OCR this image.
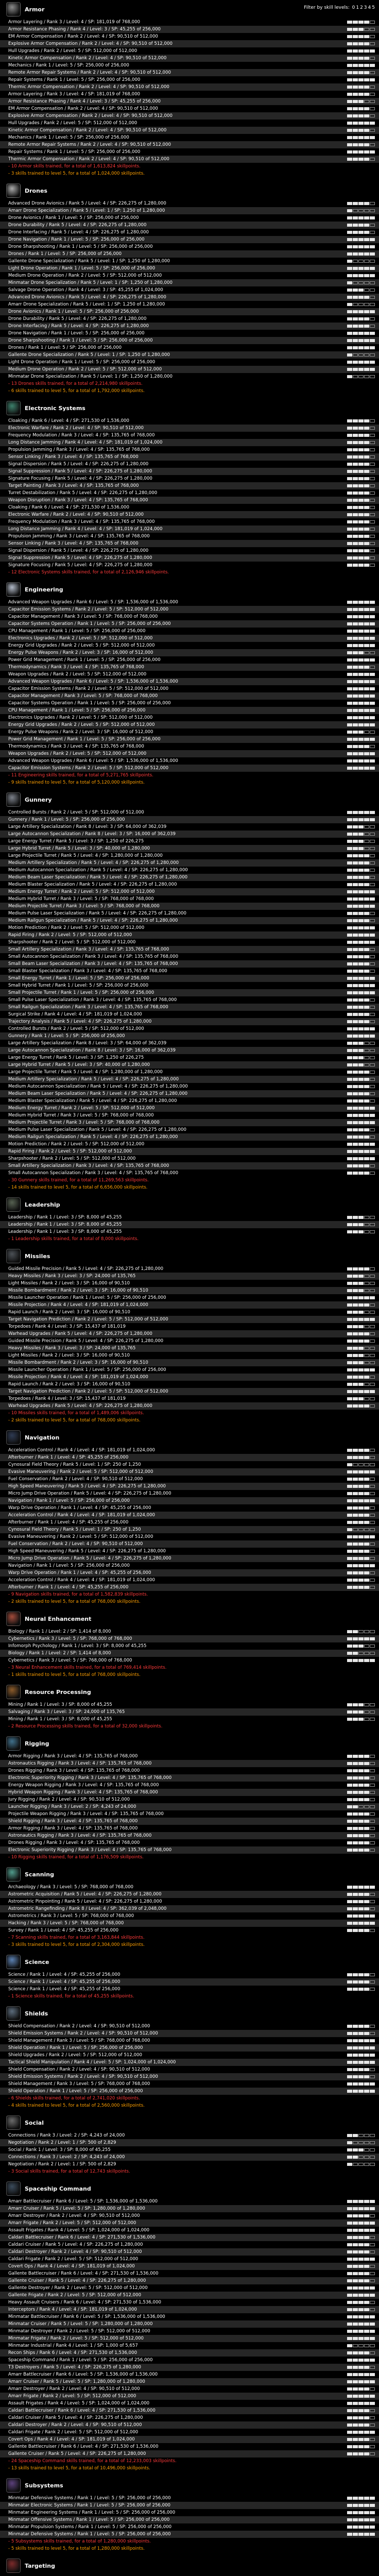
Armor	Filter by skill levels: 0 1 2 3 4 5
Armor Layering / Rank 3 / Level: 4 / SP: 181,019 of 768,000
Armor Resistance Phasing / Rank 4 / Level: 3 / SP: 45,255 of 256,000
EM Armor Compensation / Rank 2 / Level: 4 / SP: 90,510 of 512,000
Explosive Armor Compensation / Rank 2 / Level: 4 / SP: 90,510 of 512,000
Hull Upgrades / Rank 2 / Level: 5 / SP: 512,000 of 512,000
Kinetic Armor Compensation / Rank 2 / Level: 4 / SP: 90,510 of 512,000
Mechanics / Rank 1 / Level: 5 / SP: 256,000 of 256,000
Remote Armor Repair Systems / Rank 2 / Level: 4 / SP: 90,510 of 512,000
Repair Systems / Rank 1 / Level: 5 / SP: 256,000 of 256,000
Thermic Armor Compensation / Rank 2 / Level: 4 / SP: 90,510 of 512,000
Armor Layering / Rank 3 / Level: 4 / SP: 181,019 of 768,000
Armor Resistance Phasing / Rank 4 / Level: 3 / SP: 45,255 of 256,000
EM Armor Compensation / Rank 2 / Level: 4 / SP: 90,510 of 512,000
Explosive Armor Compensation / Rank 2 / Level: 4 / SP: 90,510 of 512,000
Hull Upgrades / Rank 2 / Level: 5 / SP: 512,000 of 512,000
Kinetic Armor Compensation / Rank 2 / Level: 4 / SP: 90,510 of 512,000
Mechanics / Rank 1 / Level: 5 / SP: 256,000 of 256,000
Remote Armor Repair Systems / Rank 2 / Level: 4 / SP: 90,510 of 512,000
Repair Systems / Rank 1 / Level: 5 / SP: 256,000 of 256,000
Thermic Armor Compensation / Rank 2 / Level: 4 / SP: 90,510 of 512,000
- 10 Armor skills trained, for a total of 1,613,824 skillpoints.
- 3 skills trained to level 5, for a total of 1,024,000 skillpoints.
Drones
Advanced Drone Avionics / Rank 5 / Level: 4 / SP: 226,275 of 1,280,000
Amarr Drone Specialization / Rank 5 / Level: 1 / SP: 1,250 of 1,280,000
Drone Avionics / Rank 1 / Level: 5 / SP: 256,000 of 256,000
Drone Durability / Rank 5 / Level: 4 / SP: 226,275 of 1,280,000
Drone Interfacing / Rank 5 / Level: 4 / SP: 226,275 of 1,280,000
Drone Navigation / Rank 1 / Level: 5 / SP: 256,000 of 256,000
Drone Sharpshooting / Rank 1 / Level: 5 / SP: 256,000 of 256,000
Drones / Rank 1 / Level: 5 / SP: 256,000 of 256,000
Gallente Drone Specialization / Rank 5 / Level: 1 / SP: 1,250 of 1,280,000
Light Drone Operation / Rank 1 / Level: 5 / SP: 256,000 of 256,000
Medium Drone Operation / Rank 2 / Level: 5 / SP: 512,000 of 512,000
Minmatar Drone Specialization / Rank 5 / Level: 1 / SP: 1,250 of 1,280,000
Salvage Drone Operation / Rank 4 / Level: 3 / SP: 45,255 of 1,024,000
Advanced Drone Avionics / Rank 5 / Level: 4 / SP: 226,275 of 1,280,000
Amarr Drone Specialization / Rank 5 / Level: 1 / SP: 1,250 of 1,280,000
Drone Avionics / Rank 1 / Level: 5 / SP: 256,000 of 256,000
Drone Durability / Rank 5 / Level: 4 / SP: 226,275 of 1,280,000
Drone Interfacing / Rank 5 / Level: 4 / SP: 226,275 of 1,280,000
Drone Navigation / Rank 1 / Level: 5 / SP: 256,000 of 256,000
Drone Sharpshooting / Rank 1 / Level: 5 / SP: 256,000 of 256,000
Drones / Rank 1 / Level: 5 / SP: 256,000 of 256,000
Gallente Drone Specialization / Rank 5 / Level: 1 / SP: 1,250 of 1,280,000
Light Drone Operation / Rank 1 / Level: 5 / SP: 256,000 of 256,000
Medium Drone Operation / Rank 2 / Level: 5 / SP: 512,000 of 512,000
Minmatar Drone Specialization / Rank 5 / Level: 1 / SP: 1,250 of 1,280,000
- 13 Drones skills trained, for a total of 2,214,980 skillpoints.
- 6 skills trained to level 5, for a total of 1,792,000 skillpoints.
Electronic Systems
Cloaking / Rank 6 / Level: 4 / SP: 271,530 of 1,536,000
Electronic Warfare / Rank 2 / Level: 4 / SP: 90,510 of 512,000
Frequency Modulation / Rank 3 / Level: 4 / SP: 135,765 of 768,000
Long Distance Jamming / Rank 4 / Level: 4 / SP: 181,019 of 1,024,000
Propulsion Jamming / Rank 3 / Level: 4 / SP: 135,765 of 768,000
Sensor Linking / Rank 3 / Level: 4 / SP: 135,765 of 768,000
Signal Dispersion / Rank 5 / Level: 4 / SP: 226,275 of 1,280,000
Signal Suppression / Rank 5 / Level: 4 / SP: 226,275 of 1,280,000
Signature Focusing / Rank 5 / Level: 4 / SP: 226,275 of 1,280,000
Target Painting / Rank 3 / Level: 4 / SP: 135,765 of 768,000
Turret Destabilization / Rank 5 / Level: 4 / SP: 226,275 of 1,280,000
Weapon Disruption / Rank 3 / Level: 4 / SP: 135,765 of 768,000
Cloaking / Rank 6 / Level: 4 / SP: 271,530 of 1,536,000
Electronic Warfare / Rank 2 / Level: 4 / SP: 90,510 of 512,000
Frequency Modulation / Rank 3 / Level: 4 / SP: 135,765 of 768,000
Long Distance Jamming / Rank 4 / Level: 4 / SP: 181,019 of 1,024,000
Propulsion Jamming / Rank 3 / Level: 4 / SP: 135,765 of 768,000
Sensor Linking / Rank 3 / Level: 4 / SP: 135,765 of 768,000
Signal Dispersion / Rank 5 / Level: 4 / SP: 226,275 of 1,280,000
Signal Suppression / Rank 5 / Level: 4 / SP: 226,275 of 1,280,000
Signature Focusing / Rank 5 / Level: 4 / SP: 226,275 of 1,280,000
- 12 Electronic Systems skills trained, for a total of 2,126,946 skillpoints.
Engineering
Advanced Weapon Upgrades / Rank 6 / Level: 5 / SP: 1,536,000 of 1,536,000
Capacitor Emission Systems / Rank 2 / Level: 5 / SP: 512,000 of 512,000
Capacitor Management / Rank 3 / Level: 5 / SP: 768,000 of 768,000
Capacitor Systems Operation / Rank 1 / Level: 5 / SP: 256,000 of 256,000
CPU Management / Rank 1 / Level: 5 / SP: 256,000 of 256,000
Electronics Upgrades / Rank 2 / Level: 5 / SP: 512,000 of 512,000
Energy Grid Upgrades / Rank 2 / Level: 5 / SP: 512,000 of 512,000
Energy Pulse Weapons / Rank 2 / Level: 3 / SP: 16,000 of 512,000
Power Grid Management / Rank 1 / Level: 5 / SP: 256,000 of 256,000
Thermodynamics / Rank 3 / Level: 4 / SP: 135,765 of 768,000
Weapon Upgrades / Rank 2 / Level: 5 / SP: 512,000 of 512,000
Advanced Weapon Upgrades / Rank 6 / Level: 5 / SP: 1,536,000 of 1,536,000
Capacitor Emission Systems / Rank 2 / Level: 5 / SP: 512,000 of 512,000
Capacitor Management / Rank 3 / Level: 5 / SP: 768,000 of 768,000
Capacitor Systems Operation / Rank 1 / Level: 5 / SP: 256,000 of 256,000
CPU Management / Rank 1 / Level: 5 / SP: 256,000 of 256,000
Electronics Upgrades / Rank 2 / Level: 5 / SP: 512,000 of 512,000
Energy Grid Upgrades / Rank 2 / Level: 5 / SP: 512,000 of 512,000
Energy Pulse Weapons / Rank 2 / Level: 3 / SP: 16,000 of 512,000
Power Grid Management / Rank 1 / Level: 5 / SP: 256,000 of 256,000
Thermodynamics / Rank 3 / Level: 4 / SP: 135,765 of 768,000
Weapon Upgrades / Rank 2 / Level: 5 / SP: 512,000 of 512,000
Advanced Weapon Upgrades / Rank 6 / Level: 5 / SP: 1,536,000 of 1,536,000
Capacitor Emission Systems / Rank 2 / Level: 5 / SP: 512,000 of 512,000
- 11 Engineering skills trained, for a total of 5,271,765 skillpoints.
- 9 skills trained to level 5, for a total of 5,120,000 skillpoints.
Gunnery
Controlled Bursts / Rank 2 / Level: 5 / SP: 512,000 of 512,000
Gunnery / Rank 1 / Level: 5 / SP: 256,000 of 256,000
Large Artillery Specialization / Rank 8 / Level: 3 / SP: 64,000 of 362,039
Large Autocannon Specialization / Rank 8 / Level: 3 / SP: 16,000 of 362,039
Large Energy Turret / Rank 5 / Level: 3 / SP: 1,250 of 226,275
Large Hybrid Turret / Rank 5 / Level: 3 / SP: 40,000 of 1,280,000
Large Projectile Turret / Rank 5 / Level: 4 / SP: 1,280,000 of 1,280,000
Medium Artillery Specialization / Rank 5 / Level: 4 / SP: 226,275 of 1,280,000
Medium Autocannon Specialization / Rank 5 / Level: 4 / SP: 226,275 of 1,280,000
Medium Beam Laser Specialization / Rank 5 / Level: 4 / SP: 226,275 of 1,280,000
Medium Blaster Specialization / Rank 5 / Level: 4 / SP: 226,275 of 1,280,000
Medium Energy Turret / Rank 2 / Level: 5 / SP: 512,000 of 512,000
Medium Hybrid Turret / Rank 3 / Level: 5 / SP: 768,000 of 768,000
Medium Projectile Turret / Rank 3 / Level: 5 / SP: 768,000 of 768,000
Medium Pulse Laser Specialization / Rank 5 / Level: 4 / SP: 226,275 of 1,280,000
Medium Railgun Specialization / Rank 5 / Level: 4 / SP: 226,275 of 1,280,000
Motion Prediction / Rank 2 / Level: 5 / SP: 512,000 of 512,000
Rapid Firing / Rank 2 / Level: 5 / SP: 512,000 of 512,000
Sharpshooter / Rank 2 / Level: 5 / SP: 512,000 of 512,000
Small Artillery Specialization / Rank 3 / Level: 4 / SP: 135,765 of 768,000
Small Autocannon Specialization / Rank 3 / Level: 4 / SP: 135,765 of 768,000
Small Beam Laser Specialization / Rank 3 / Level: 4 / SP: 135,765 of 768,000
Small Blaster Specialization / Rank 3 / Level: 4 / SP: 135,765 of 768,000
Small Energy Turret / Rank 1 / Level: 5 / SP: 256,000 of 256,000
Small Hybrid Turret / Rank 1 / Level: 5 / SP: 256,000 of 256,000
Small Projectile Turret / Rank 1 / Level: 5 / SP: 256,000 of 256,000
Small Pulse Laser Specialization / Rank 3 / Level: 4 / SP: 135,765 of 768,000
Small Railgun Specialization / Rank 3 / Level: 4 / SP: 135,765 of 768,000
Surgical Strike / Rank 4 / Level: 4 / SP: 181,019 of 1,024,000
Trajectory Analysis / Rank 5 / Level: 4 / SP: 226,275 of 1,280,000
Controlled Bursts / Rank 2 / Level: 5 / SP: 512,000 of 512,000
Gunnery / Rank 1 / Level: 5 / SP: 256,000 of 256,000
Large Artillery Specialization / Rank 8 / Level: 3 / SP: 64,000 of 362,039
Large Autocannon Specialization / Rank 8 / Level: 3 / SP: 16,000 of 362,039
Large Energy Turret / Rank 5 / Level: 3 / SP: 1,250 of 226,275
Large Hybrid Turret / Rank 5 / Level: 3 / SP: 40,000 of 1,280,000
Large Projectile Turret / Rank 5 / Level: 4 / SP: 1,280,000 of 1,280,000
Medium Artillery Specialization / Rank 5 / Level: 4 / SP: 226,275 of 1,280,000
Medium Autocannon Specialization / Rank 5 / Level: 4 / SP: 226,275 of 1,280,000
Medium Beam Laser Specialization / Rank 5 / Level: 4 / SP: 226,275 of 1,280,000
Medium Blaster Specialization / Rank 5 / Level: 4 / SP: 226,275 of 1,280,000
Medium Energy Turret / Rank 2 / Level: 5 / SP: 512,000 of 512,000
Medium Hybrid Turret / Rank 3 / Level: 5 / SP: 768,000 of 768,000
Medium Projectile Turret / Rank 3 / Level: 5 / SP: 768,000 of 768,000
Medium Pulse Laser Specialization / Rank 5 / Level: 4 / SP: 226,275 of 1,280,000
Medium Railgun Specialization / Rank 5 / Level: 4 / SP: 226,275 of 1,280,000
Motion Prediction / Rank 2 / Level: 5 / SP: 512,000 of 512,000
Rapid Firing / Rank 2 / Level: 5 / SP: 512,000 of 512,000
Sharpshooter / Rank 2 / Level: 5 / SP: 512,000 of 512,000
Small Artillery Specialization / Rank 3 / Level: 4 / SP: 135,765 of 768,000
Small Autocannon Specialization / Rank 3 / Level: 4 / SP: 135,765 of 768,000
- 30 Gunnery skills trained, for a total of 11,269,563 skillpoints.
- 14 skills trained to level 5, for a total of 6,656,000 skillpoints.
Leadership
Leadership / Rank 1 / Level: 3 / SP: 8,000 of 45,255
Leadership / Rank 1 / Level: 3 / SP: 8,000 of 45,255
Leadership / Rank 1 / Level: 3 / SP: 8,000 of 45,255
- 1 Leadership skills trained, for a total of 8,000 skillpoints.
Missiles
Guided Missile Precision / Rank 5 / Level: 4 / SP: 226,275 of 1,280,000
Heavy Missiles / Rank 3 / Level: 3 / SP: 24,000 of 135,765
Light Missiles / Rank 2 / Level: 3 / SP: 16,000 of 90,510
Missile Bombardment / Rank 2 / Level: 3 / SP: 16,000 of 90,510
Missile Launcher Operation / Rank 1 / Level: 5 / SP: 256,000 of 256,000
Missile Projection / Rank 4 / Level: 4 / SP: 181,019 of 1,024,000
Rapid Launch / Rank 2 / Level: 3 / SP: 16,000 of 90,510
Target Navigation Prediction / Rank 2 / Level: 5 / SP: 512,000 of 512,000
Torpedoes / Rank 4 / Level: 3 / SP: 15,437 of 181,019
Warhead Upgrades / Rank 5 / Level: 4 / SP: 226,275 of 1,280,000
Guided Missile Precision / Rank 5 / Level: 4 / SP: 226,275 of 1,280,000
Heavy Missiles / Rank 3 / Level: 3 / SP: 24,000 of 135,765
Light Missiles / Rank 2 / Level: 3 / SP: 16,000 of 90,510
Missile Bombardment / Rank 2 / Level: 3 / SP: 16,000 of 90,510
Missile Launcher Operation / Rank 1 / Level: 5 / SP: 256,000 of 256,000
Missile Projection / Rank 4 / Level: 4 / SP: 181,019 of 1,024,000
Rapid Launch / Rank 2 / Level: 3 / SP: 16,000 of 90,510
Target Navigation Prediction / Rank 2 / Level: 5 / SP: 512,000 of 512,000
Torpedoes / Rank 4 / Level: 3 / SP: 15,437 of 181,019
Warhead Upgrades / Rank 5 / Level: 4 / SP: 226,275 of 1,280,000
- 10 Missiles skills trained, for a total of 1,489,006 skillpoints.
- 2 skills trained to level 5, for a total of 768,000 skillpoints.
Navigation
Acceleration Control / Rank 4 / Level: 4 / SP: 181,019 of 1,024,000
Afterburner / Rank 1 / Level: 4 / SP: 45,255 of 256,000
Cynosural Field Theory / Rank 5 / Level: 1 / SP: 250 of 1,250
Evasive Maneuvering / Rank 2 / Level: 5 / SP: 512,000 of 512,000
Fuel Conservation / Rank 2 / Level: 4 / SP: 90,510 of 512,000
High Speed Maneuvering / Rank 5 / Level: 4 / SP: 226,275 of 1,280,000
Micro Jump Drive Operation / Rank 5 / Level: 4 / SP: 226,275 of 1,280,000
Navigation / Rank 1 / Level: 5 / SP: 256,000 of 256,000
Warp Drive Operation / Rank 1 / Level: 4 / SP: 45,255 of 256,000
Acceleration Control / Rank 4 / Level: 4 / SP: 181,019 of 1,024,000
Afterburner / Rank 1 / Level: 4 / SP: 45,255 of 256,000
Cynosural Field Theory / Rank 5 / Level: 1 / SP: 250 of 1,250
Evasive Maneuvering / Rank 2 / Level: 5 / SP: 512,000 of 512,000
Fuel Conservation / Rank 2 / Level: 4 / SP: 90,510 of 512,000
High Speed Maneuvering / Rank 5 / Level: 4 / SP: 226,275 of 1,280,000
Micro Jump Drive Operation / Rank 5 / Level: 4 / SP: 226,275 of 1,280,000
Navigation / Rank 1 / Level: 5 / SP: 256,000 of 256,000
Warp Drive Operation / Rank 1 / Level: 4 / SP: 45,255 of 256,000
Acceleration Control / Rank 4 / Level: 4 / SP: 181,019 of 1,024,000
Afterburner / Rank 1 / Level: 4 / SP: 45,255 of 256,000
- 9 Navigation skills trained, for a total of 1,582,839 skillpoints.
- 2 skills trained to level 5, for a total of 768,000 skillpoints.
Neural Enhancement
Biology / Rank 1 / Level: 2 / SP: 1,414 of 8,000
Cybernetics / Rank 3 / Level: 5 / SP: 768,000 of 768,000
Infomorph Psychology / Rank 1 / Level: 3 / SP: 8,000 of 45,255
Biology / Rank 1 / Level: 2 / SP: 1,414 of 8,000
Cybernetics / Rank 3 / Level: 5 / SP: 768,000 of 768,000
- 3 Neural Enhancement skills trained, for a total of 769,414 skillpoints.
- 1 skills trained to level 5, for a total of 768,000 skillpoints.
Resource Processing
Mining / Rank 1 / Level: 3 / SP: 8,000 of 45,255
Salvaging / Rank 3 / Level: 3 / SP: 24,000 of 135,765
Mining / Rank 1 / Level: 3 / SP: 8,000 of 45,255
- 2 Resource Processing skills trained, for a total of 32,000 skillpoints.
Rigging
Armor Rigging / Rank 3 / Level: 4 / SP: 135,765 of 768,000
Astronautics Rigging / Rank 3 / Level: 4 / SP: 135,765 of 768,000
Drones Rigging / Rank 3 / Level: 4 / SP: 135,765 of 768,000
Electronic Superiority Rigging / Rank 3 / Level: 4 / SP: 135,765 of 768,000
Energy Weapon Rigging / Rank 3 / Level: 4 / SP: 135,765 of 768,000
Hybrid Weapon Rigging / Rank 3 / Level: 4 / SP: 135,765 of 768,000
Jury Rigging / Rank 2 / Level: 4 / SP: 90,510 of 512,000
Launcher Rigging / Rank 3 / Level: 2 / SP: 4,243 of 24,000
Projectile Weapon Rigging / Rank 3 / Level: 4 / SP: 135,765 of 768,000
Shield Rigging / Rank 3 / Level: 4 / SP: 135,765 of 768,000
Armor Rigging / Rank 3 / Level: 4 / SP: 135,765 of 768,000
Astronautics Rigging / Rank 3 / Level: 4 / SP: 135,765 of 768,000
Drones Rigging / Rank 3 / Level: 4 / SP: 135,765 of 768,000
Electronic Superiority Rigging / Rank 3 / Level: 4 / SP: 135,765 of 768,000
- 10 Rigging skills trained, for a total of 1,176,509 skillpoints.
Scanning
Archaeology / Rank 3 / Level: 5 / SP: 768,000 of 768,000
Astrometric Acquisition / Rank 5 / Level: 4 / SP: 226,275 of 1,280,000
Astrometric Pinpointing / Rank 5 / Level: 4 / SP: 226,275 of 1,280,000
Astrometric Rangefinding / Rank 8 / Level: 4 / SP: 362,039 of 2,048,000
Astrometrics / Rank 3 / Level: 5 / SP: 768,000 of 768,000
Hacking / Rank 3 / Level: 5 / SP: 768,000 of 768,000
Survey / Rank 1 / Level: 4 / SP: 45,255 of 256,000
- 7 Scanning skills trained, for a total of 3,163,844 skillpoints.
- 3 skills trained to level 5, for a total of 2,304,000 skillpoints.
Science
Science / Rank 1 / Level: 4 / SP: 45,255 of 256,000
Science / Rank 1 / Level: 4 / SP: 45,255 of 256,000
Science / Rank 1 / Level: 4 / SP: 45,255 of 256,000
- 1 Science skills trained, for a total of 45,255 skillpoints.
Shields
Shield Compensation / Rank 2 / Level: 4 / SP: 90,510 of 512,000
Shield Emission Systems / Rank 2 / Level: 4 / SP: 90,510 of 512,000
Shield Management / Rank 3 / Level: 5 / SP: 768,000 of 768,000
Shield Operation / Rank 1 / Level: 5 / SP: 256,000 of 256,000
Shield Upgrades / Rank 2 / Level: 5 / SP: 512,000 of 512,000
Tactical Shield Manipulation / Rank 4 / Level: 5 / SP: 1,024,000 of 1,024,000
Shield Compensation / Rank 2 / Level: 4 / SP: 90,510 of 512,000
Shield Emission Systems / Rank 2 / Level: 4 / SP: 90,510 of 512,000
Shield Management / Rank 3 / Level: 5 / SP: 768,000 of 768,000
Shield Operation / Rank 1 / Level: 5 / SP: 256,000 of 256,000
- 6 Shields skills trained, for a total of 2,741,020 skillpoints.
- 4 skills trained to level 5, for a total of 2,560,000 skillpoints.
Social
Connections / Rank 3 / Level: 2 / SP: 4,243 of 24,000
Negotiation / Rank 2 / Level: 1 / SP: 500 of 2,829
Social / Rank 1 / Level: 3 / SP: 8,000 of 45,255
Connections / Rank 3 / Level: 2 / SP: 4,243 of 24,000
Negotiation / Rank 2 / Level: 1 / SP: 500 of 2,829
- 3 Social skills trained, for a total of 12,743 skillpoints.
Spaceship Command
Amarr Battlecruiser / Rank 6 / Level: 5 / SP: 1,536,000 of 1,536,000
Amarr Cruiser / Rank 5 / Level: 5 / SP: 1,280,000 of 1,280,000
Amarr Destroyer / Rank 2 / Level: 4 / SP: 90,510 of 512,000
Amarr Frigate / Rank 2 / Level: 5 / SP: 512,000 of 512,000
Assault Frigates / Rank 4 / Level: 5 / SP: 1,024,000 of 1,024,000
Caldari Battlecruiser / Rank 6 / Level: 4 / SP: 271,530 of 1,536,000
Caldari Cruiser / Rank 5 / Level: 4 / SP: 226,275 of 1,280,000
Caldari Destroyer / Rank 2 / Level: 4 / SP: 90,510 of 512,000
Caldari Frigate / Rank 2 / Level: 5 / SP: 512,000 of 512,000
Covert Ops / Rank 4 / Level: 4 / SP: 181,019 of 1,024,000
Gallente Battlecruiser / Rank 6 / Level: 4 / SP: 271,530 of 1,536,000
Gallente Cruiser / Rank 5 / Level: 4 / SP: 226,275 of 1,280,000
Gallente Destroyer / Rank 2 / Level: 5 / SP: 512,000 of 512,000
Gallente Frigate / Rank 2 / Level: 5 / SP: 512,000 of 512,000
Heavy Assault Cruisers / Rank 6 / Level: 4 / SP: 271,530 of 1,536,000
Interceptors / Rank 4 / Level: 4 / SP: 181,019 of 1,024,000
Minmatar Battlecruiser / Rank 6 / Level: 5 / SP: 1,536,000 of 1,536,000
Minmatar Cruiser / Rank 5 / Level: 5 / SP: 1,280,000 of 1,280,000
Minmatar Destroyer / Rank 2 / Level: 5 / SP: 512,000 of 512,000
Minmatar Frigate / Rank 2 / Level: 5 / SP: 512,000 of 512,000
Minmatar Industrial / Rank 4 / Level: 1 / SP: 1,000 of 5,657
Recon Ships / Rank 6 / Level: 4 / SP: 271,530 of 1,536,000
Spaceship Command / Rank 1 / Level: 5 / SP: 256,000 of 256,000
T3 Destroyers / Rank 5 / Level: 4 / SP: 226,275 of 1,280,000
Amarr Battlecruiser / Rank 6 / Level: 5 / SP: 1,536,000 of 1,536,000
Amarr Cruiser / Rank 5 / Level: 5 / SP: 1,280,000 of 1,280,000
Amarr Destroyer / Rank 2 / Level: 4 / SP: 90,510 of 512,000
Amarr Frigate / Rank 2 / Level: 5 / SP: 512,000 of 512,000
Assault Frigates / Rank 4 / Level: 5 / SP: 1,024,000 of 1,024,000
Caldari Battlecruiser / Rank 6 / Level: 4 / SP: 271,530 of 1,536,000
Caldari Cruiser / Rank 5 / Level: 4 / SP: 226,275 of 1,280,000
Caldari Destroyer / Rank 2 / Level: 4 / SP: 90,510 of 512,000
Caldari Frigate / Rank 2 / Level: 5 / SP: 512,000 of 512,000
Covert Ops / Rank 4 / Level: 4 / SP: 181,019 of 1,024,000
Gallente Battlecruiser / Rank 6 / Level: 4 / SP: 271,530 of 1,536,000
Gallente Cruiser / Rank 5 / Level: 4 / SP: 226,275 of 1,280,000
- 24 Spaceship Command skills trained, for a total of 12,233,003 skillpoints.
- 13 skills trained to level 5, for a total of 10,496,000 skillpoints.
Subsystems
Minmatar Defensive Systems / Rank 1 / Level: 5 / SP: 256,000 of 256,000
Minmatar Electronic Systems / Rank 1 / Level: 5 / SP: 256,000 of 256,000
Minmatar Engineering Systems / Rank 1 / Level: 5 / SP: 256,000 of 256,000
Minmatar Offensive Systems / Rank 1 / Level: 5 / SP: 256,000 of 256,000
Minmatar Propulsion Systems / Rank 1 / Level: 5 / SP: 256,000 of 256,000
Minmatar Defensive Systems / Rank 1 / Level: 5 / SP: 256,000 of 256,000
- 5 Subsystems skills trained, for a total of 1,280,000 skillpoints.
- 5 skills trained to level 5, for a total of 1,280,000 skillpoints.
Targeting
